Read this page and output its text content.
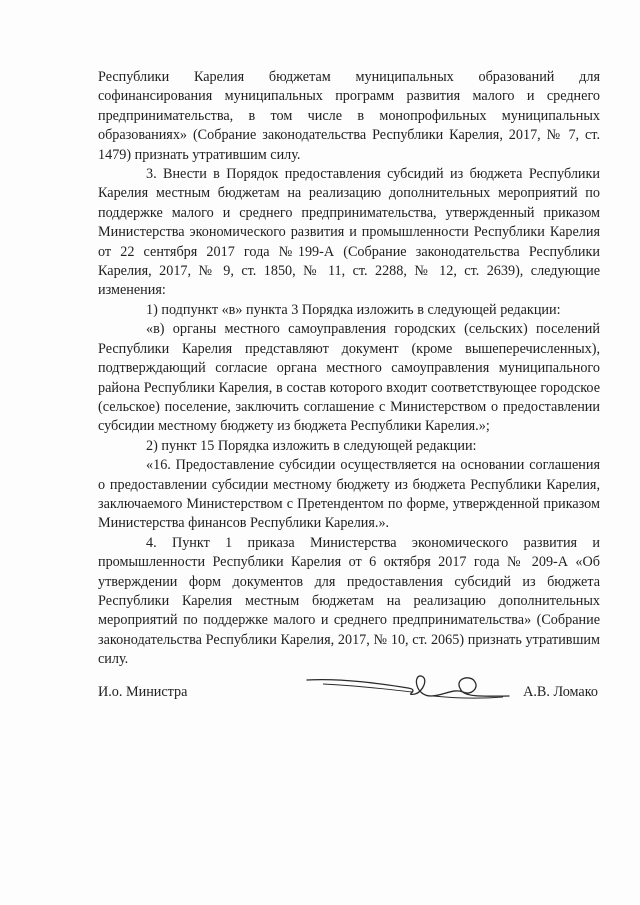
Республики Карелия бюджетам муниципальных образований для софинансирования муниципальных программ развития малого и среднего предпринимательства, в том числе в монопрофильных муниципальных образованиях» (Собрание законодательства Республики Карелия, 2017, № 7, ст. 1479) признать утратившим силу.

3. Внести в Порядок предоставления субсидий из бюджета Республики Карелия местным бюджетам на реализацию дополнительных мероприятий по поддержке малого и среднего предпринимательства, утвержденный приказом Министерства экономического развития и промышленности Республики Карелия от 22 сентября 2017 года №199-А (Собрание законодательства Республики Карелия, 2017, № 9, ст. 1850, № 11, ст. 2288, № 12, ст. 2639), следующие изменения:

1) подпункт «в» пункта 3 Порядка изложить в следующей редакции:

«в) органы местного самоуправления городских (сельских) поселений Республики Карелия представляют документ (кроме вышеперечисленных), подтверждающий согласие органа местного самоуправления муниципального района Республики Карелия, в состав которого входит соответствующее городское (сельское) поселение, заключить соглашение с Министерством о предоставлении субсидии местному бюджету из бюджета Республики Карелия.»;

2) пункт 15 Порядка изложить в следующей редакции:

«16. Предоставление субсидии осуществляется на основании соглашения о предоставлении субсидии местному бюджету из бюджета Республики Карелия, заключаемого Министерством с Претендентом по форме, утвержденной приказом Министерства финансов Республики Карелия.».

4. Пункт 1 приказа Министерства экономического развития и промышленности Республики Карелия от 6 октября 2017 года № 209-А «Об утверждении форм документов для предоставления субсидий из бюджета Республики Карелия местным бюджетам на реализацию дополнительных мероприятий по поддержке малого и среднего предпринимательства» (Собрание законодательства Республики Карелия, 2017, № 10, ст. 2065) признать утратившим силу.

И.о. Министра	А.В. Ломако
